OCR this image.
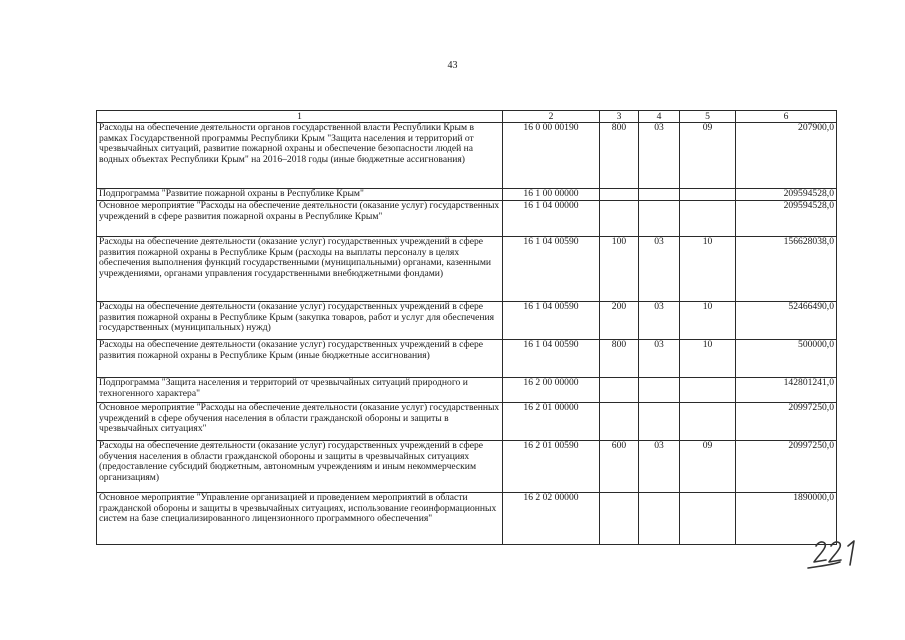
43
1	2	3	4	5	6
Расходы на обеспечение деятельности органов государственной власти Республики Крым в рамках Государственной программы Республики Крым "Защита населения и территорий от чрезвычайных ситуаций, развитие пожарной охраны и обеспечение безопасности людей на водных объектах Республики Крым" на 2016–2018 годы (иные бюджетные ассигнования)	16 0 00 00190	800	03	09	207900,0
Подпрограмма "Развитие пожарной охраны в Республике Крым"	16 1 00 00000				209594528,0
Основное мероприятие "Расходы на обеспечение деятельности (оказание услуг) государственных учреждений в сфере развития пожарной охраны в Республике Крым"	16 1 04 00000				209594528,0
Расходы на обеспечение деятельности (оказание услуг) государственных учреждений в сфере развития пожарной охраны в Республике Крым (расходы на выплаты персоналу в целях обеспечения выполнения функций государственными (муниципальными) органами, казенными учреждениями, органами управления государственными внебюджетными фондами)	16 1 04 00590	100	03	10	156628038,0
Расходы на обеспечение деятельности (оказание услуг) государственных учреждений в сфере развития пожарной охраны в Республике Крым (закупка товаров, работ и услуг для обеспечения государственных (муниципальных) нужд)	16 1 04 00590	200	03	10	52466490,0
Расходы на обеспечение деятельности (оказание услуг) государственных учреждений в сфере развития пожарной охраны в Республике Крым (иные бюджетные ассигнования)	16 1 04 00590	800	03	10	500000,0
Подпрограмма "Защита населения и территорий от чрезвычайных ситуаций природного и техногенного характера"	16 2 00 00000				142801241,0
Основное мероприятие "Расходы на обеспечение деятельности (оказание услуг) государственных учреждений в сфере обучения населения в области гражданской обороны и защиты в чрезвычайных ситуациях"	16 2 01 00000				20997250,0
Расходы на обеспечение деятельности (оказание услуг) государственных учреждений в сфере обучения населения в области гражданской обороны и защиты в чрезвычайных ситуациях (предоставление субсидий бюджетным, автономным учреждениям и иным некоммерческим организациям)	16 2 01 00590	600	03	09	20997250,0
Основное мероприятие "Управление организацией и проведением мероприятий в области гражданской обороны и защиты в чрезвычайных ситуациях, использование геоинформационных систем на базе специализированного лицензионного программного обеспечения"	16 2 02 00000				1890000,0
